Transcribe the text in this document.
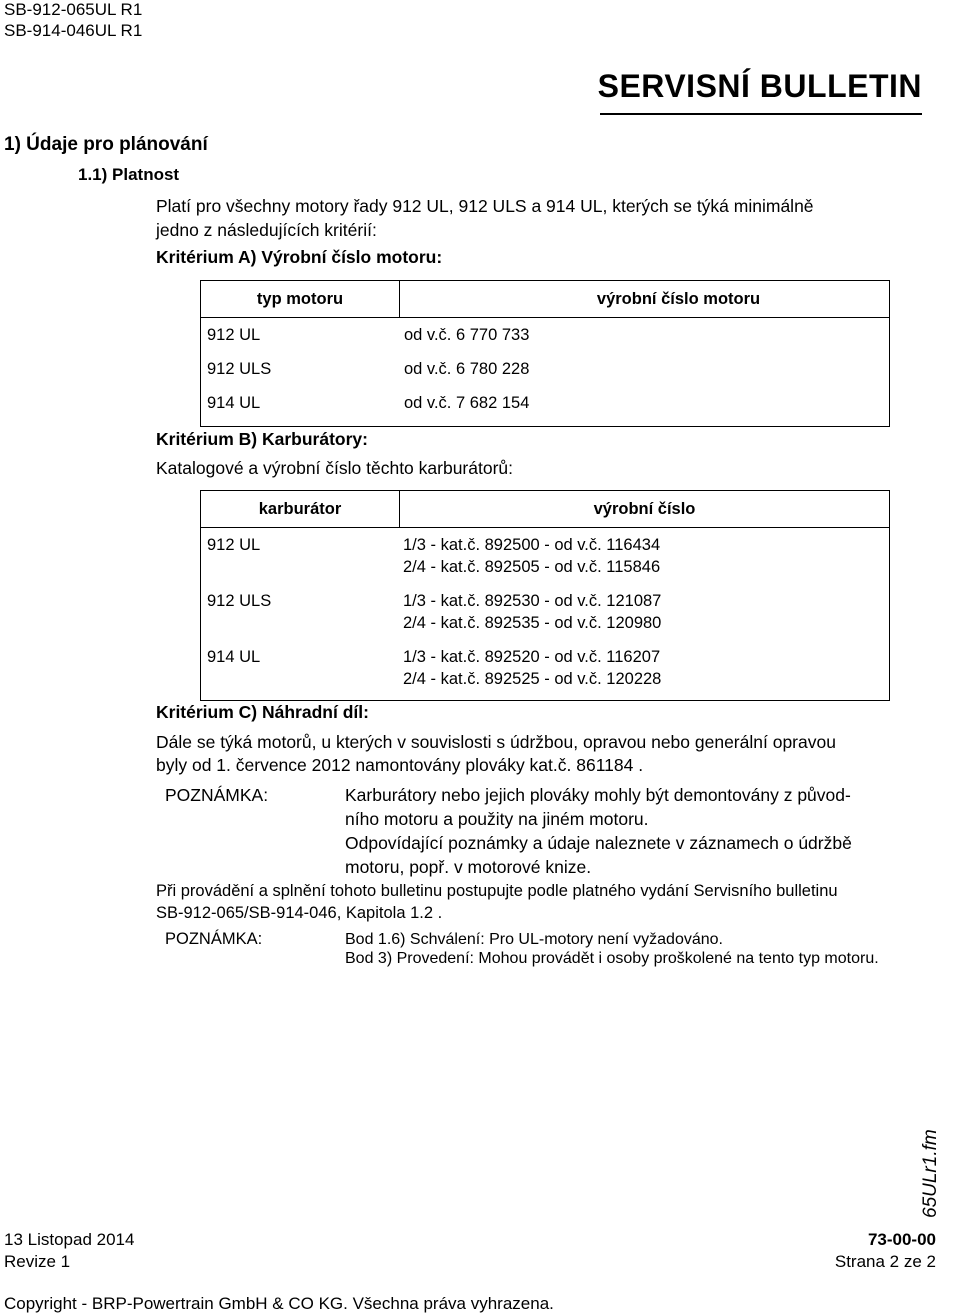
SB-912-065UL R1
SB-914-046UL R1
SERVISNÍ BULLETIN
1) Údaje pro plánování
1.1) Platnost
Platí pro všechny motory řady 912 UL, 912 ULS a 914 UL, kterých se týká minimálně
jedno z následujících kritérií:
Kritérium A) Výrobní číslo motoru:
typ motoru	výrobní číslo motoru

912 UL	od v.č. 6 770 733
912 ULS	od v.č. 6 780 228
914 UL	od v.č. 7 682 154
Kritérium B) Karburátory:
Katalogové a výrobní číslo těchto karburátorů:
karburátor	výrobní číslo

912 UL	1/3 - kat.č. 892500 - od v.č. 116434
2/4 - kat.č. 892505 - od v.č. 115846
912 ULS	1/3 - kat.č. 892530 - od v.č. 121087
2/4 - kat.č. 892535 - od v.č. 120980
914 UL	1/3 - kat.č. 892520 - od v.č. 116207
2/4 - kat.č. 892525 - od v.č. 120228
Kritérium C) Náhradní díl:
Dále se týká motorů, u kterých v souvislosti s údržbou, opravou nebo generální opravou
byly od 1. července 2012 namontovány plováky kat.č. 861184 .
POZNÁMKA:	Karburátory nebo jejich plováky mohly být demontovány z původ-
ního motoru a použity na jiném motoru.
Odpovídající poznámky a údaje naleznete v záznamech o údržbě
motoru, popř. v motorové knize.
Při provádění a splnění tohoto bulletinu postupujte podle platného vydání Servisního bulletinu
SB-912-065/SB-914-046, Kapitola 1.2 .
POZNÁMKA:	Bod 1.6) Schválení: Pro UL-motory není vyžadováno.
Bod 3) Provedení: Mohou provádět i osoby proškolené na tento typ motoru.
65ULr1.fm
13 Listopad 2014	73-00-00
Revize 1	Strana 2 ze 2
Copyright - BRP-Powertrain GmbH & CO KG. Všechna práva vyhrazena.
